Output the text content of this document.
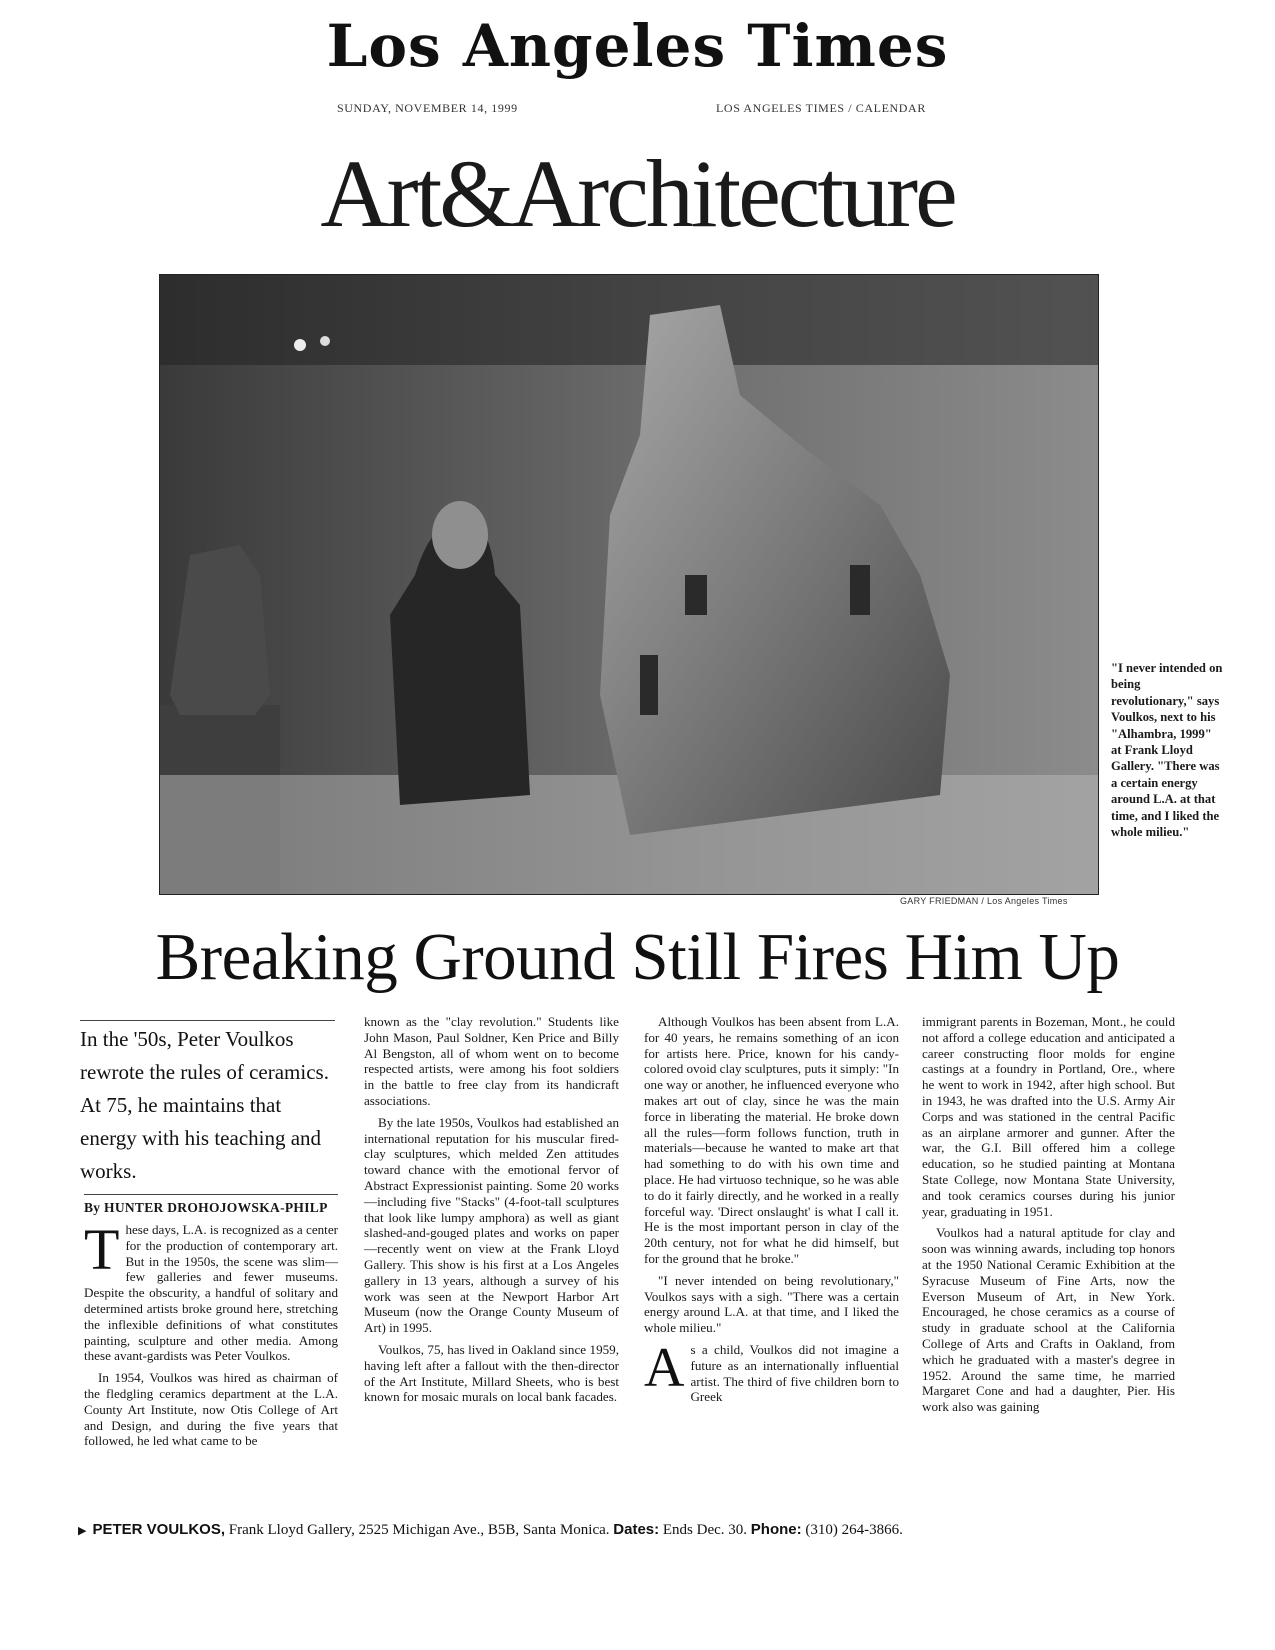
Los Angeles Times
SUNDAY, NOVEMBER 14, 1999	LOS ANGELES TIMES / CALENDAR
Art&Architecture
GARY FRIEDMAN / Los Angeles Times
"I never intended on being revolutionary," says Voulkos, next to his "Alhambra, 1999" at Frank Lloyd Gallery. "There was a certain energy around L.A. at that time, and I liked the whole milieu."
Breaking Ground Still Fires Him Up
In the '50s, Peter Voulkos rewrote the rules of ceramics. At 75, he maintains that energy with his teaching and works.
By HUNTER DROHOJOWSKA-PHILP

These days, L.A. is recognized as a center for the production of contemporary art. But in the 1950s, the scene was slim—few galleries and fewer museums. Despite the obscurity, a handful of solitary and determined artists broke ground here, stretching the inflexible definitions of what constitutes painting, sculpture and other media. Among these avant-gardists was Peter Voulkos.

In 1954, Voulkos was hired as chairman of the fledgling ceramics department at the L.A. County Art Institute, now Otis College of Art and Design, and during the five years that followed, he led what came to be

known as the "clay revolution." Students like John Mason, Paul Soldner, Ken Price and Billy Al Bengston, all of whom went on to become respected artists, were among his foot soldiers in the battle to free clay from its handicraft associations.

By the late 1950s, Voulkos had established an international reputation for his muscular fired-clay sculptures, which melded Zen attitudes toward chance with the emotional fervor of Abstract Expressionist painting. Some 20 works—including five "Stacks" (4-foot-tall sculptures that look like lumpy amphora) as well as giant slashed-and-gouged plates and works on paper—recently went on view at the Frank Lloyd Gallery. This show is his first at a Los Angeles gallery in 13 years, although a survey of his work was seen at the Newport Harbor Art Museum (now the Orange County Museum of Art) in 1995.

Voulkos, 75, has lived in Oakland since 1959, having left after a fallout with the then-director of the Art Institute, Millard Sheets, who is best known for mosaic murals on local bank facades.

Although Voulkos has been absent from L.A. for 40 years, he remains something of an icon for artists here. Price, known for his candy-colored ovoid clay sculptures, puts it simply: "In one way or another, he influenced everyone who makes art out of clay, since he was the main force in liberating the material. He broke down all the rules—form follows function, truth in materials—because he wanted to make art that had something to do with his own time and place. He had virtuoso technique, so he was able to do it fairly directly, and he worked in a really forceful way. 'Direct onslaught' is what I call it. He is the most important person in clay of the 20th century, not for what he did himself, but for the ground that he broke."

"I never intended on being revolutionary," Voulkos says with a sigh. "There was a certain energy around L.A. at that time, and I liked the whole milieu."

As a child, Voulkos did not imagine a future as an internationally influential artist. The third of five children born to Greek

immigrant parents in Bozeman, Mont., he could not afford a college education and anticipated a career constructing floor molds for engine castings at a foundry in Portland, Ore., where he went to work in 1942, after high school. But in 1943, he was drafted into the U.S. Army Air Corps and was stationed in the central Pacific as an airplane armorer and gunner. After the war, the G.I. Bill offered him a college education, so he studied painting at Montana State College, now Montana State University, and took ceramics courses during his junior year, graduating in 1951.

Voulkos had a natural aptitude for clay and soon was winning awards, including top honors at the 1950 National Ceramic Exhibition at the Syracuse Museum of Fine Arts, now the Everson Museum of Art, in New York. Encouraged, he chose ceramics as a course of study in graduate school at the California College of Arts and Crafts in Oakland, from which he graduated with a master's degree in 1952. Around the same time, he married Margaret Cone and had a daughter, Pier. His work also was gaining

▶ PETER VOULKOS, Frank Lloyd Gallery, 2525 Michigan Ave., B5B, Santa Monica. Dates: Ends Dec. 30. Phone: (310) 264-3866.
